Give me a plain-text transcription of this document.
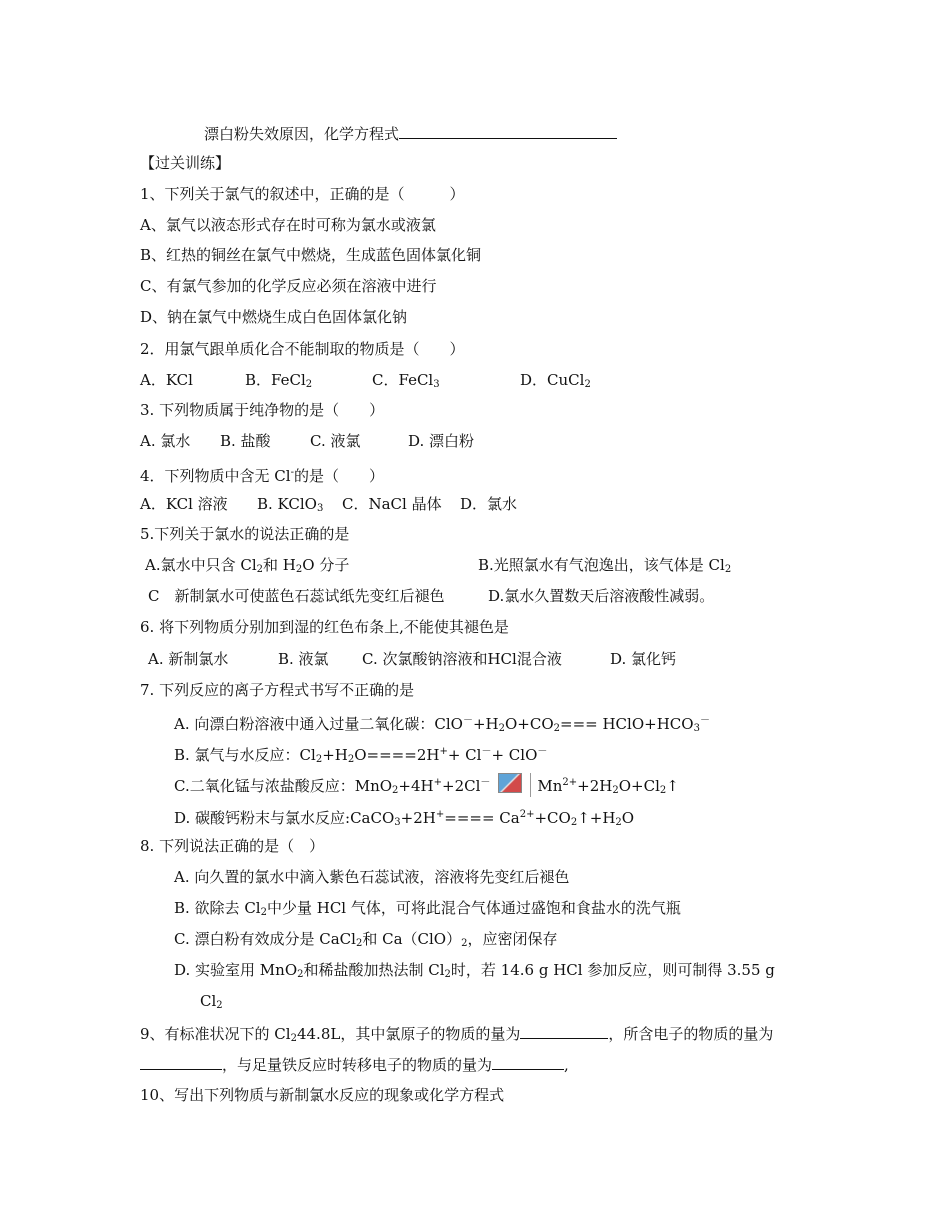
漂白粉失效原因，化学方程式
【过关训练】
1、下列关于氯气的叙述中，正确的是（　　　）
A、氯气以液态形式存在时可称为氯水或液氯
B、红热的铜丝在氯气中燃烧，生成蓝色固体氯化铜
C、有氯气参加的化学反应必须在溶液中进行
D、钠在氯气中燃烧生成白色固体氯化钠
2．用氯气跟单质化合不能制取的物质是（　　）
A．KCl	B．FeCl$_2$	C．FeCl$_3$	D．CuCl$_2$
3. 下列物质属于纯净物的是（　　）
A. 氯水 B. 盐酸	C. 液氯	D. 漂白粉
4．下列物质中含无 Cl-的是（　　）
A．KCl 溶液 B. KClO$_3$ C．NaCl 晶体 D．氯水
5.下列关于氯水的说法正确的是
A.氯水中只含 $Cl_2$和 $H_2O$ 分子	B.光照氯水有气泡逸出，该气体是 $Cl_2$
C　新制氯水可使蓝色石蕊试纸先变红后褪色	D.氯水久置数天后溶液酸性减弱。
6. 将下列物质分别加到湿的红色布条上,不能使其褪色是
A. 新制氯水	B. 液氯 C. 次氯酸钠溶液和HCl混合液	D. 氯化钙
7. 下列反应的离子方程式书写不正确的是
A. 向漂白粉溶液中通入过量二氧化碳：$ClO^-+H_2O+CO_2===$ $HClO+HCO_3^-$
B. 氯气与水反应：$Cl_2+H_2O====2H^++ Cl^-+ ClO^-$
C.二氧化锰与浓盐酸反应：MnO$_2$+4H++2Cl－	$Mn^{2+}+2H_2O+Cl_2↑$
D. 碳酸钙粉末与氯水反应:CaCO$_3$+2H+==== $Ca^{2+}+CO_2↑+H_2O$
8. 下列说法正确的是（　）
A. 向久置的氯水中滴入紫色石蕊试液，溶液将先变红后褪色
B. 欲除去 $Cl_2$中少量 HCl 气体，可将此混合气体通过盛饱和食盐水的洗气瓶
C. 漂白粉有效成分是 CaCl$_2$和 $Ca(ClO)_2$，应密闭保存
D. 实验室用 MnO$_2$和稀盐酸加热法制 $Cl_2$时，若 14.6 g HCl 参加反应，则可制得 3.55 g
$Cl_2$
9、有标准状况下的 $Cl_244.8L$，其中氯原子的物质的量为	，所含电子的物质的量为
，与足量铁反应时转移电子的物质的量为	,
10、写出下列物质与新制氯水反应的现象或化学方程式
